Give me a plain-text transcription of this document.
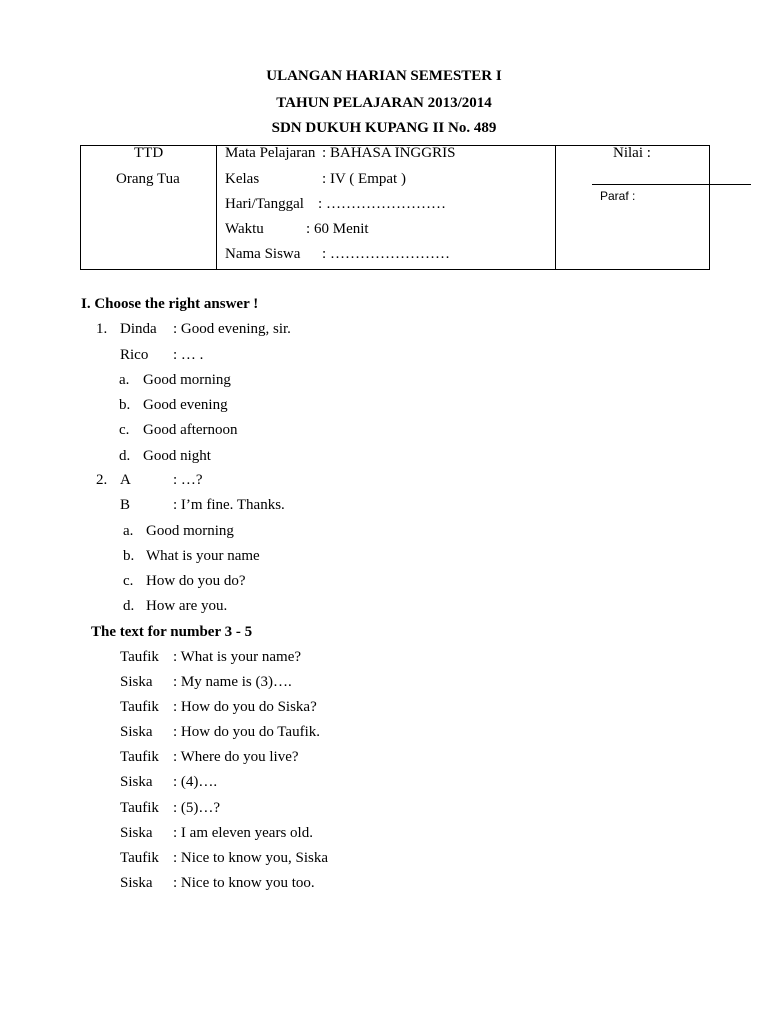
ULANGAN HARIAN SEMESTER I
TAHUN PELAJARAN 2013/2014
SDN DUKUH KUPANG II No. 489
TTD
Orang Tua
Mata Pelajaran : BAHASA INGGRIS
Kelas	: IV ( Empat )
Hari/Tanggal : ……………………
Waktu	: 60 Menit
Nama Siswa : ……………………
Nilai :
Paraf :
I. Choose the right answer !
1. Dinda : Good evening, sir.
Rico : … .
a. Good morning
b. Good evening
c. Good afternoon
d. Good night
2. A	: …?
B	: I’m fine. Thanks.
a. Good morning
b. What is your name
c. How do you do?
d. How are you.
The text for number 3 - 5
Taufik : What is your name?
Siska : My name is (3)….
Taufik : How do you do Siska?
Siska : How do you do Taufik.
Taufik : Where do you live?
Siska : (4)….
Taufik : (5)…?
Siska : I am eleven years old.
Taufik : Nice to know you, Siska
Siska : Nice to know you too.
